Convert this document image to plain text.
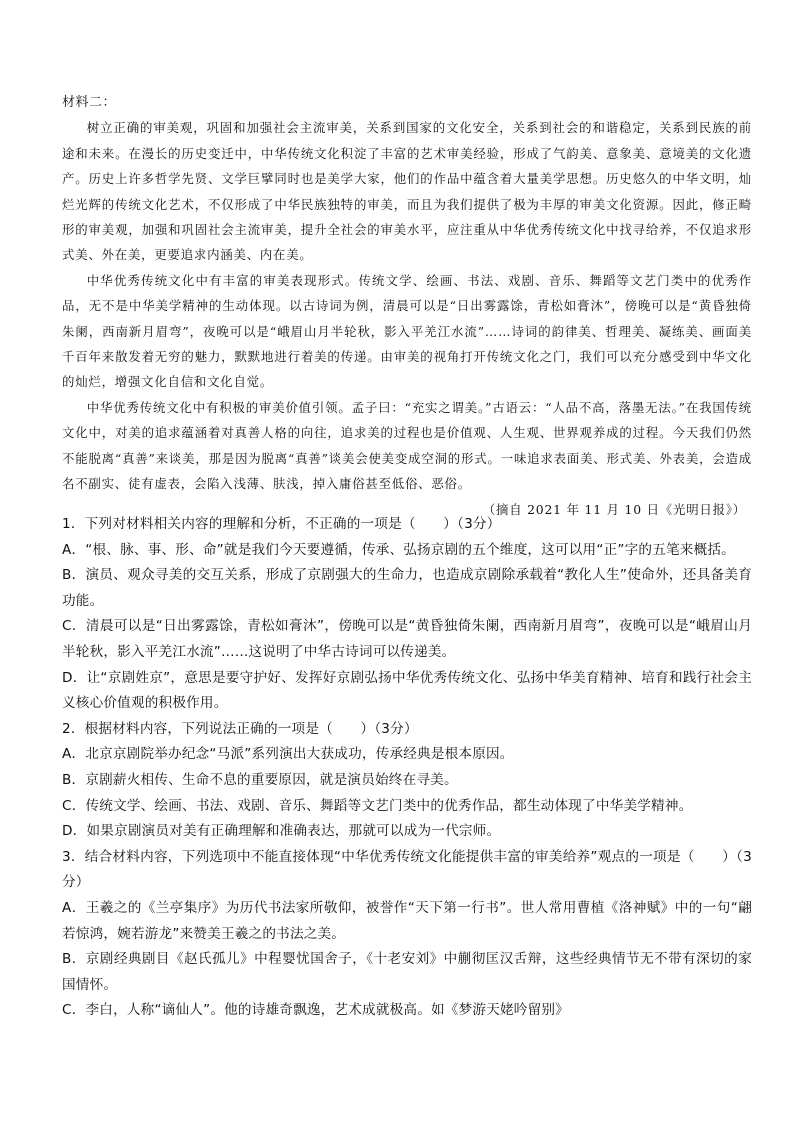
材料二：

树立正确的审美观，巩固和加强社会主流审美，关系到国家的文化安全，关系到社会的和谐稳定，关系到民族的前途和未来。在漫长的历史变迁中，中华传统文化积淀了丰富的艺术审美经验，形成了气韵美、意象美、意境美的文化遗产。历史上许多哲学先贤、文学巨擘同时也是美学大家，他们的作品中蕴含着大量美学思想。历史悠久的中华文明，灿烂光辉的传统文化艺术，不仅形成了中华民族独特的审美，而且为我们提供了极为丰厚的审美文化资源。因此，修正畸形的审美观，加强和巩固社会主流审美，提升全社会的审美水平，应注重从中华优秀传统文化中找寻给养，不仅追求形式美、外在美，更要追求内涵美、内在美。

中华优秀传统文化中有丰富的审美表现形式。传统文学、绘画、书法、戏剧、音乐、舞蹈等文艺门类中的优秀作品，无不是中华美学精神的生动体现。以古诗词为例，清晨可以是“日出雾露馀，青松如膏沐”，傍晚可以是“黄昏独倚朱阑，西南新月眉弯”，夜晚可以是“峨眉山月半轮秋，影入平羌江水流”……诗词的韵律美、哲理美、凝练美、画面美千百年来散发着无穷的魅力，默默地进行着美的传递。由审美的视角打开传统文化之门，我们可以充分感受到中华文化的灿烂，增强文化自信和文化自觉。

中华优秀传统文化中有积极的审美价值引领。孟子曰：“充实之谓美。”古语云：“人品不高，落墨无法。”在我国传统文化中，对美的追求蕴涵着对真善人格的向往，追求美的过程也是价值观、人生观、世界观养成的过程。今天我们仍然不能脱离“真善”来谈美，那是因为脱离“真善”谈美会使美变成空洞的形式。一味追求表面美、形式美、外表美，会造成名不副实、徒有虚表，会陷入浅薄、肤浅，掉入庸俗甚至低俗、恶俗。

（摘自 2021 年 11 月 10 日《光明日报》）

1．下列对材料相关内容的理解和分析，不正确的一项是（　　）（3分）
A．“根、脉、事、形、命”就是我们今天要遵循，传承、弘扬京剧的五个维度，这可以用“正”字的五笔来概括。
B．演员、观众寻美的交互关系，形成了京剧强大的生命力，也造成京剧除承载着“教化人生”使命外，还具备美育功能。
C．清晨可以是“日出雾露馀，青松如膏沐”，傍晚可以是“黄昏独倚朱阑，西南新月眉弯”，夜晚可以是“峨眉山月半轮秋，影入平羌江水流”……这说明了中华古诗词可以传递美。
D．让“京剧姓京”，意思是要守护好、发挥好京剧弘扬中华优秀传统文化、弘扬中华美育精神、培育和践行社会主义核心价值观的积极作用。
2．根据材料内容，下列说法正确的一项是（　　）（3分）
A．北京京剧院举办纪念“马派”系列演出大获成功，传承经典是根本原因。
B．京剧薪火相传、生命不息的重要原因，就是演员始终在寻美。
C．传统文学、绘画、书法、戏剧、音乐、舞蹈等文艺门类中的优秀作品，都生动体现了中华美学精神。
D．如果京剧演员对美有正确理解和准确表达，那就可以成为一代宗师。
3．结合材料内容，下列选项中不能直接体现“中华优秀传统文化能提供丰富的审美给养”观点的一项是（　　）（3分）
A．王羲之的《兰亭集序》为历代书法家所敬仰，被誉作“天下第一行书”。世人常用曹植《洛神赋》中的一句“翩若惊鸿，婉若游龙”来赞美王羲之的书法之美。
B．京剧经典剧目《赵氏孤儿》中程婴忧国舍子，《十老安刘》中蒯彻匡汉舌辩，这些经典情节无不带有深切的家国情怀。
C．李白，人称“谪仙人”。他的诗雄奇飘逸，艺术成就极高。如《梦游天姥吟留别》
